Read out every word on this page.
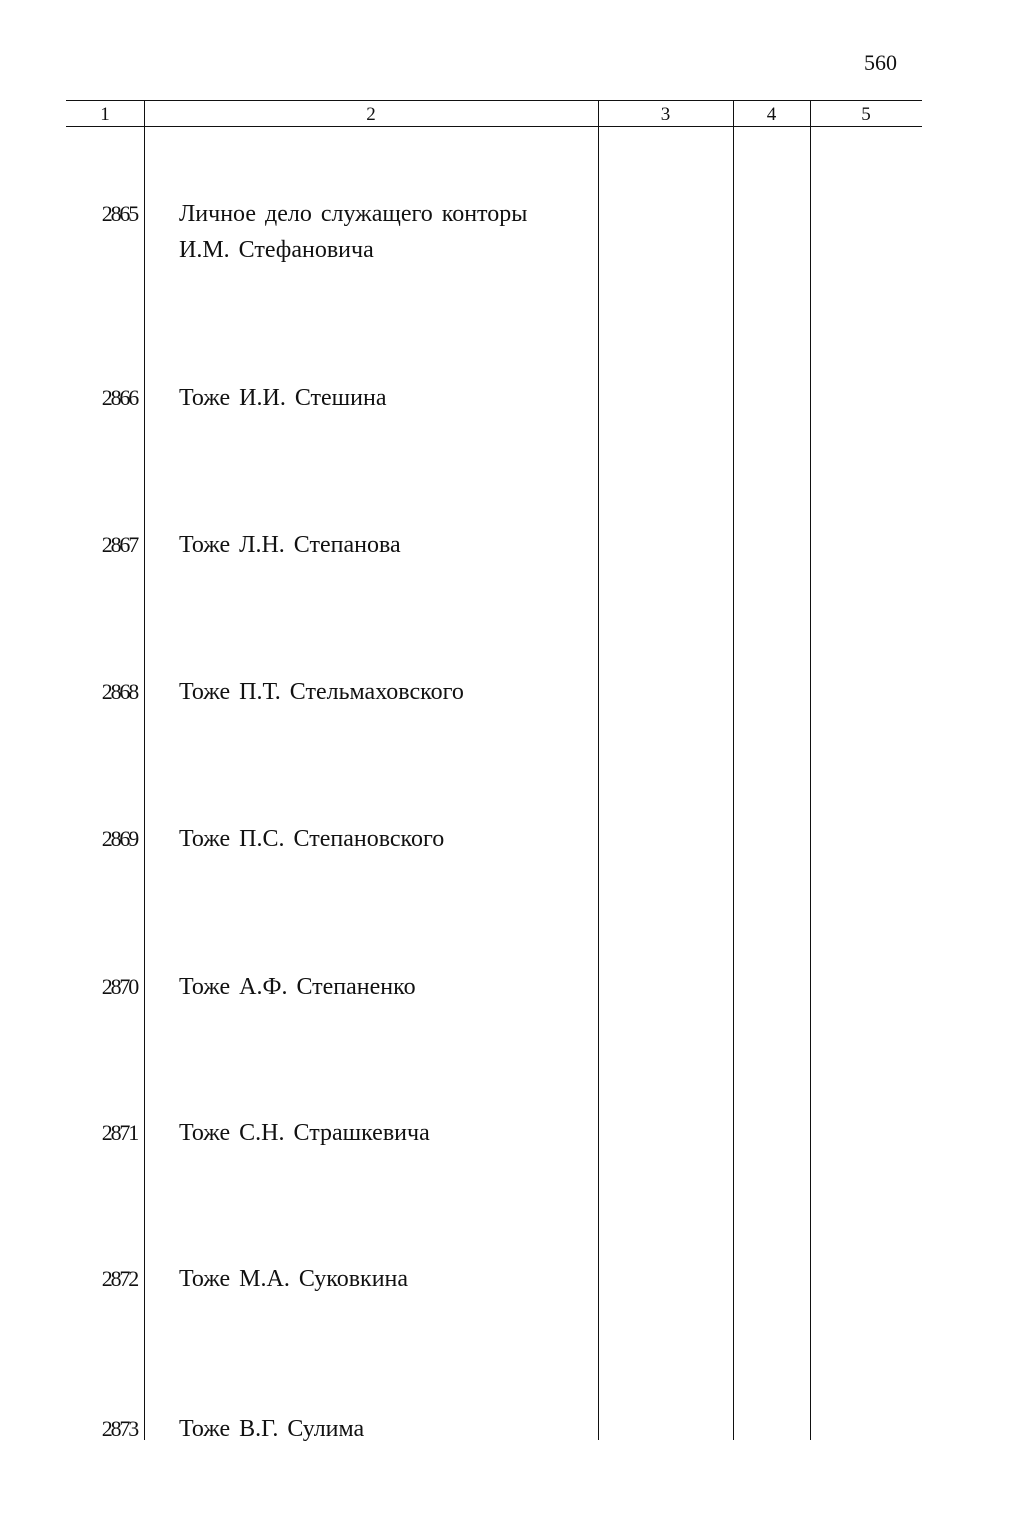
560
1	2	3	4	5
2865 Личное дело служащего конторы И.М. Стефановича
2866 Тоже И.И. Стешина
2867 Тоже Л.Н. Степанова
2868 Тоже П.Т. Стельмаховского
2869 Тоже П.С. Степановского
2870 Тоже А.Ф. Степаненко
2871 Тоже С.Н. Страшкевича
2872 Тоже М.А. Суковкина
2873 Тоже В.Г. Сулима
